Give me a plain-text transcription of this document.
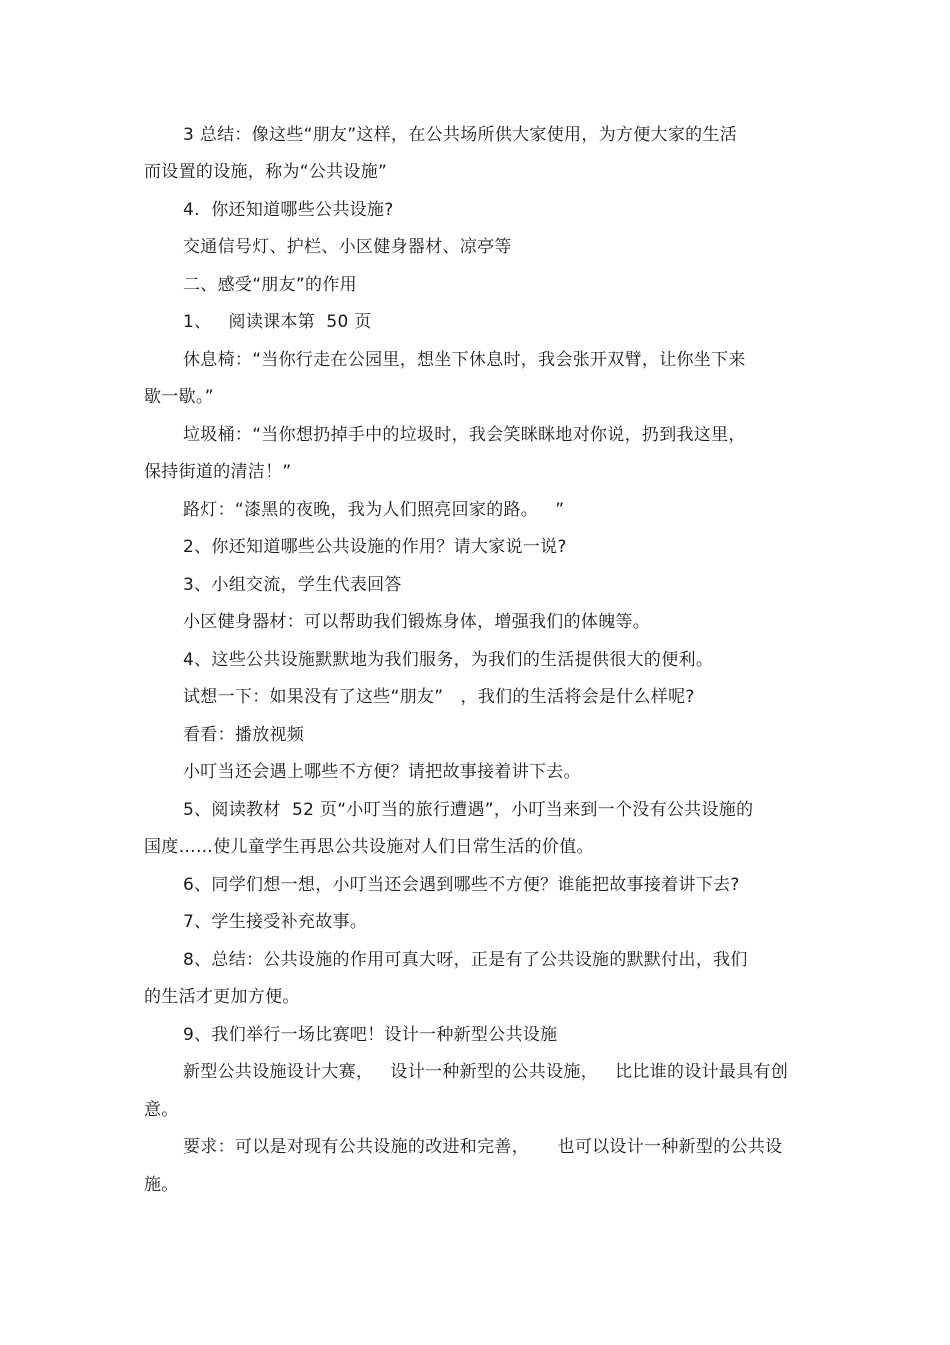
3 总结：像这些“朋友”这样，在公共场所供大家使用，为方便大家的生活

而设置的设施，称为“公共设施”

4.  你还知道哪些公共设施?

交通信号灯、护栏、小区健身器材、凉亭等

二、感受“朋友”的作用

1、   阅读课本第  50 页

休息椅：“当你行走在公园里，想坐下休息时，我会张开双臂，让你坐下来

歇一歇。”

垃圾桶：“当你想扔掉手中的垃圾时，我会笑眯眯地对你说，扔到我这里，

保持街道的清洁！”

路灯：“漆黑的夜晚，我为人们照亮回家的路。   ”

2、你还知道哪些公共设施的作用？请大家说一说?

3、小组交流，学生代表回答

小区健身器材：可以帮助我们锻炼身体，增强我们的体魄等。

4、这些公共设施默默地为我们服务，为我们的生活提供很大的便利。

试想一下：如果没有了这些“朋友”   ，我们的生活将会是什么样呢?

看看：播放视频

小叮当还会遇上哪些不方便？请把故事接着讲下去。

5、阅读教材  52 页“小叮当的旅行遭遇”，小叮当来到一个没有公共设施的

国度……使儿童学生再思公共设施对人们日常生活的价值。

6、同学们想一想，小叮当还会遇到哪些不方便？谁能把故事接着讲下去?

7、学生接受补充故事。

8、总结：公共设施的作用可真大呀，正是有了公共设施的默默付出，我们

的生活才更加方便。

9、我们举行一场比赛吧！设计一种新型公共设施

新型公共设施设计大赛，   设计一种新型的公共设施，   比比谁的设计最具有创

意。

要求：可以是对现有公共设施的改进和完善，     也可以设计一种新型的公共设

施。
